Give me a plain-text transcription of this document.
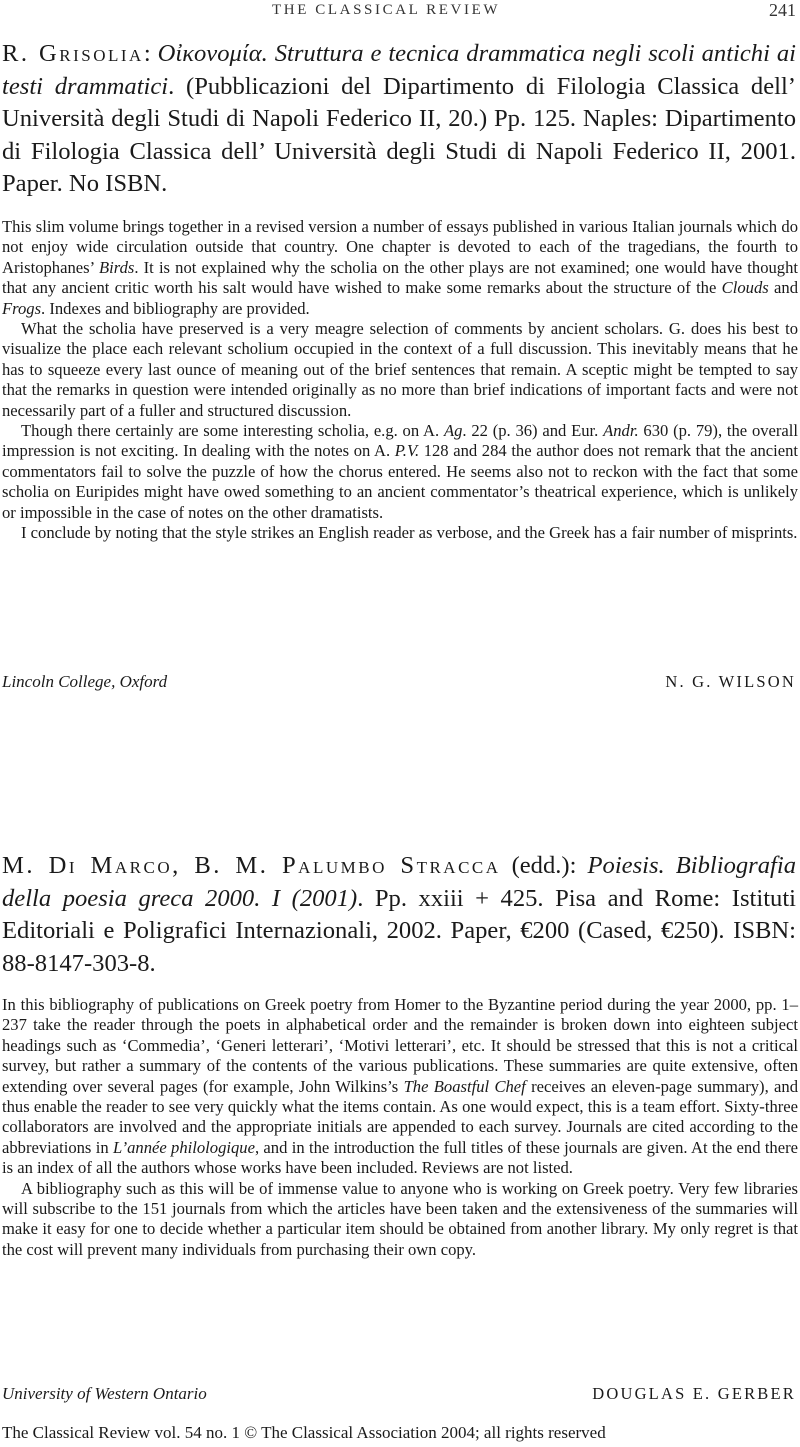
THE CLASSICAL REVIEW	241
R. Grisolia: Οἰκονομία. Struttura e tecnica drammatica negli scoli antichi ai testi drammatici. (Pubblicazioni del Dipartimento di Filologia Classica dell’ Università degli Studi di Napoli Federico II, 20.) Pp. 125. Naples: Dipartimento di Filologia Classica dell’ Università degli Studi di Napoli Federico II, 2001. Paper. No ISBN.

This slim volume brings together in a revised version a number of essays published in various Italian journals which do not enjoy wide circulation outside that country. One chapter is devoted to each of the tragedians, the fourth to Aristophanes’ Birds. It is not explained why the scholia on the other plays are not examined; one would have thought that any ancient critic worth his salt would have wished to make some remarks about the structure of the Clouds and Frogs. Indexes and bibliography are provided.

What the scholia have preserved is a very meagre selection of comments by ancient scholars. G. does his best to visualize the place each relevant scholium occupied in the context of a full discussion. This inevitably means that he has to squeeze every last ounce of meaning out of the brief sentences that remain. A sceptic might be tempted to say that the remarks in question were intended originally as no more than brief indications of important facts and were not necessarily part of a fuller and structured discussion.

Though there certainly are some interesting scholia, e.g. on A. Ag. 22 (p. 36) and Eur. Andr. 630 (p. 79), the overall impression is not exciting. In dealing with the notes on A. P.V. 128 and 284 the author does not remark that the ancient commentators fail to solve the puzzle of how the chorus entered. He seems also not to reckon with the fact that some scholia on Euripides might have owed something to an ancient commentator’s theatrical experience, which is unlikely or impossible in the case of notes on the other dramatists.

I conclude by noting that the style strikes an English reader as verbose, and the Greek has a fair number of misprints.

Lincoln College, Oxford	N. G. WILSON
M. Di Marco, B. M. Palumbo Stracca (edd.): Poiesis. Bibliografia della poesia greca 2000. I (2001). Pp. xxiii + 425. Pisa and Rome: Istituti Editoriali e Poligrafici Internazionali, 2002. Paper, €200 (Cased, €250). ISBN: 88-8147-303-8.

In this bibliography of publications on Greek poetry from Homer to the Byzantine period during the year 2000, pp. 1–237 take the reader through the poets in alphabetical order and the remainder is broken down into eighteen subject headings such as ‘Commedia’, ‘Generi letterari’, ‘Motivi letterari’, etc. It should be stressed that this is not a critical survey, but rather a summary of the contents of the various publications. These summaries are quite extensive, often extending over several pages (for example, John Wilkins’s The Boastful Chef receives an eleven-page summary), and thus enable the reader to see very quickly what the items contain. As one would expect, this is a team effort. Sixty-three collaborators are involved and the appropriate initials are appended to each survey. Journals are cited according to the abbreviations in L’année philologique, and in the introduction the full titles of these journals are given. At the end there is an index of all the authors whose works have been included. Reviews are not listed.

A bibliography such as this will be of immense value to anyone who is working on Greek poetry. Very few libraries will subscribe to the 151 journals from which the articles have been taken and the extensiveness of the summaries will make it easy for one to decide whether a particular item should be obtained from another library. My only regret is that the cost will prevent many individuals from purchasing their own copy.

University of Western Ontario	DOUGLAS E. GERBER
The Classical Review vol. 54 no. 1 © The Classical Association 2004; all rights reserved
